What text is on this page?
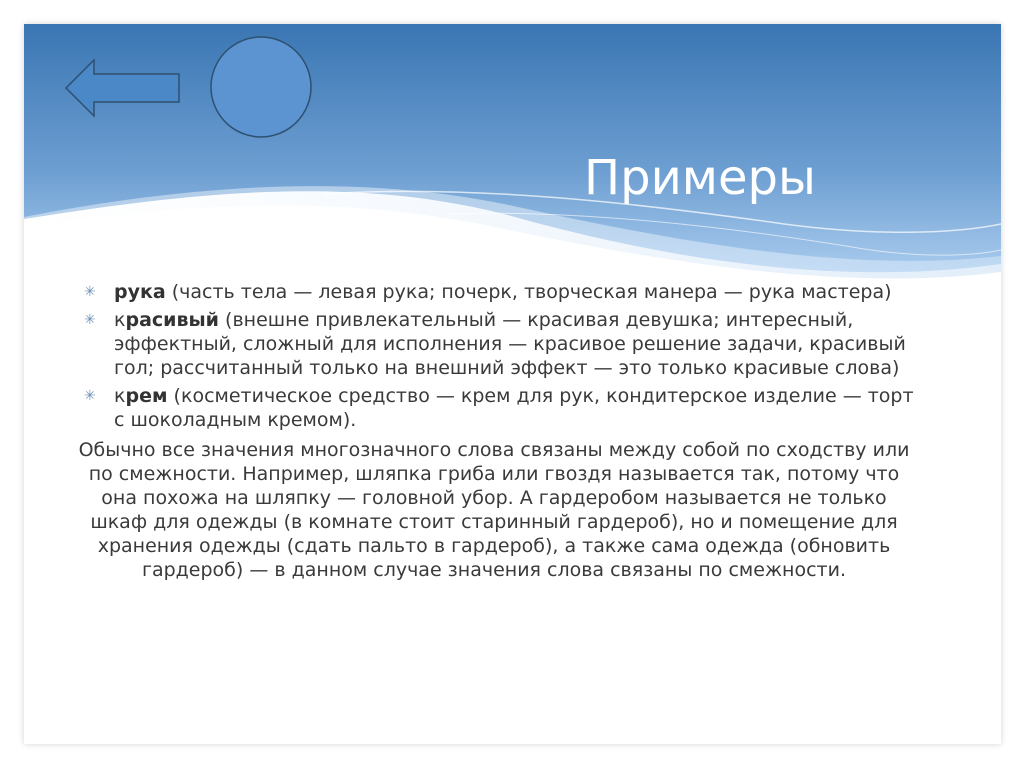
Примеры

✳ рука (часть тела — левая рука; почерк, творческая манера — рука мастера)

✳ красивый (внешне привлекательный — красивая девушка; интересный, эффектный, сложный для исполнения — красивое решение задачи, красивый гол; рассчитанный только на внешний эффект — это только красивые слова)

✳ крем (косметическое средство — крем для рук, кондитерское изделие — торт с шоколадным кремом).

Обычно все значения многозначного слова связаны между собой по сходству или по смежности. Например, шляпка гриба или гвоздя называется так, потому что она похожа на шляпку — головной убор. А гардеробом называется не только шкаф для одежды (в комнате стоит старинный гардероб), но и помещение для хранения одежды (сдать пальто в гардероб), а также сама одежда (обновить гардероб) — в данном случае значения слова связаны по смежности.
